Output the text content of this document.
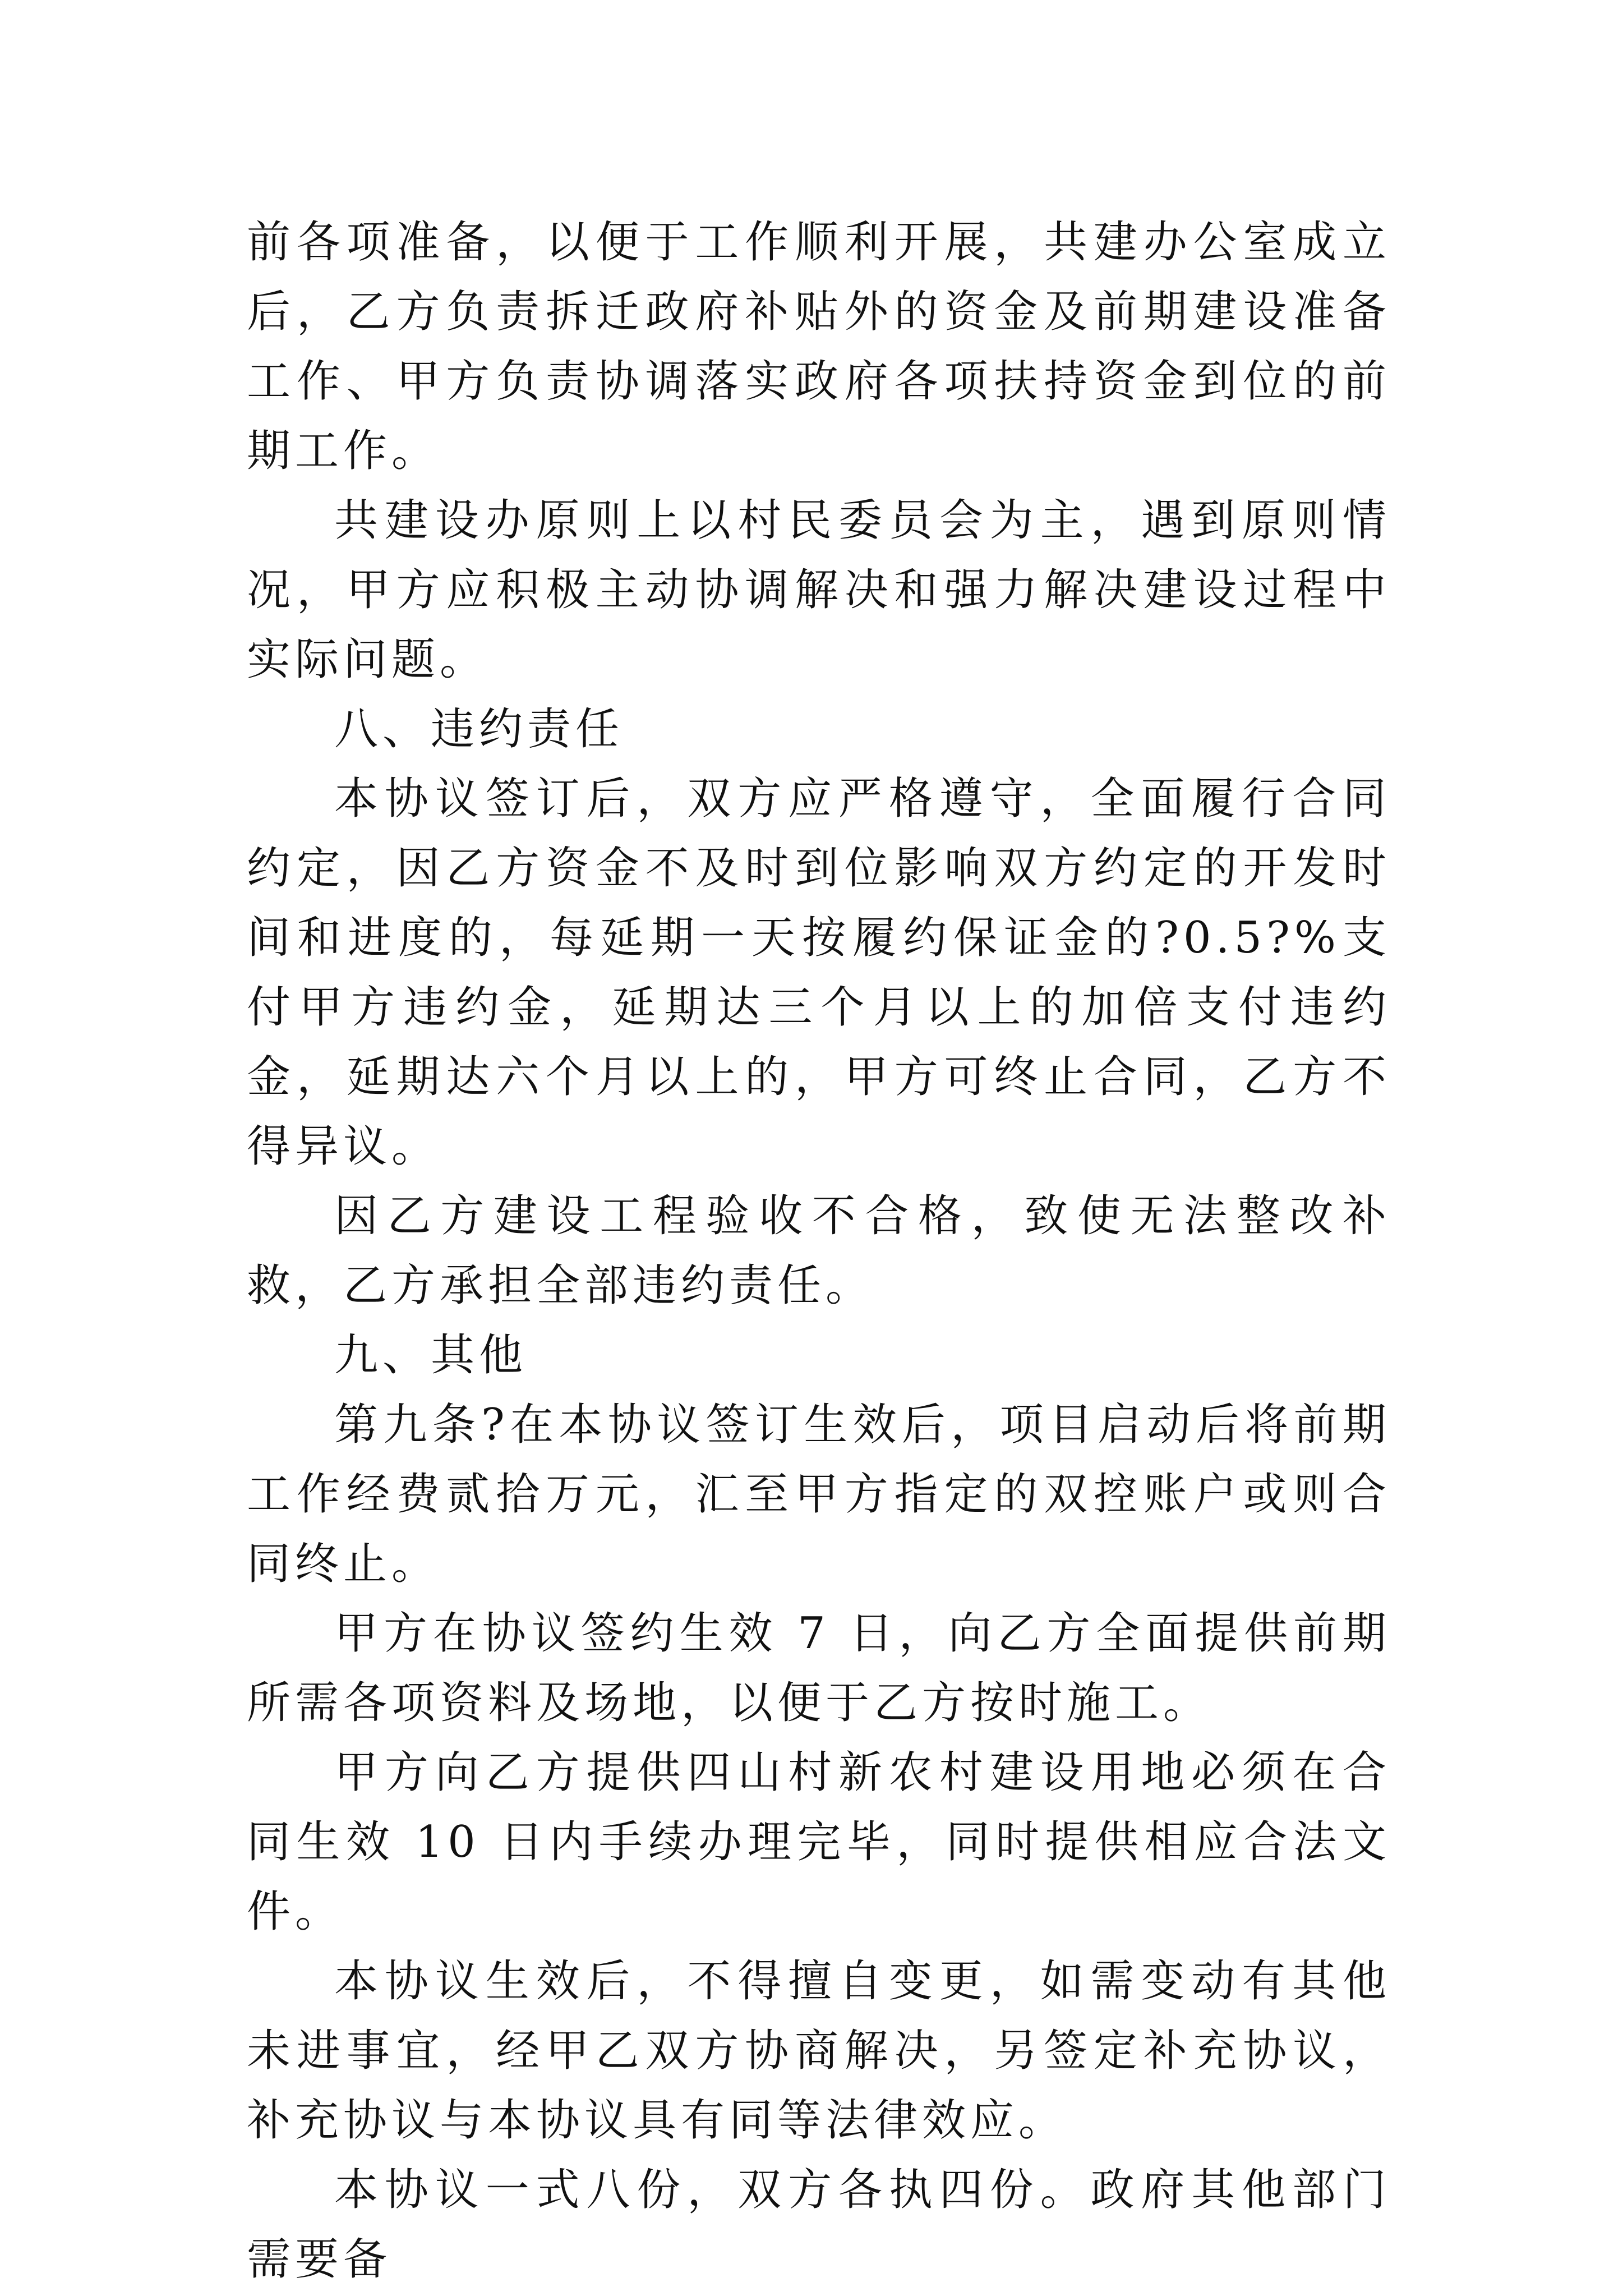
前各项准备，以便于工作顺利开展，共建办公室成立后，乙方负责拆迁政府补贴外的资金及前期建设准备工作、甲方负责协调落实政府各项扶持资金到位的前期工作。

共建设办原则上以村民委员会为主，遇到原则情况，甲方应积极主动协调解决和强力解决建设过程中实际问题。

八、违约责任

本协议签订后，双方应严格遵守，全面履行合同约定，因乙方资金不及时到位影响双方约定的开发时间和进度的，每延期一天按履约保证金的?0.5?%支付甲方违约金，延期达三个月以上的加倍支付违约金，延期达六个月以上的，甲方可终止合同，乙方不得异议。

因乙方建设工程验收不合格，致使无法整改补救，乙方承担全部违约责任。

九、其他

第九条?在本协议签订生效后，项目启动后将前期工作经费贰拾万元，汇至甲方指定的双控账户或则合同终止。

甲方在协议签约生效 7 日，向乙方全面提供前期所需各项资料及场地，以便于乙方按时施工。

甲方向乙方提供四山村新农村建设用地必须在合同生效 10 日内手续办理完毕，同时提供相应合法文件。

本协议生效后，不得擅自变更，如需变动有其他未进事宜，经甲乙双方协商解决，另签定补充协议，补充协议与本协议具有同等法律效应。

本协议一式八份，双方各执四份。政府其他部门需要备
